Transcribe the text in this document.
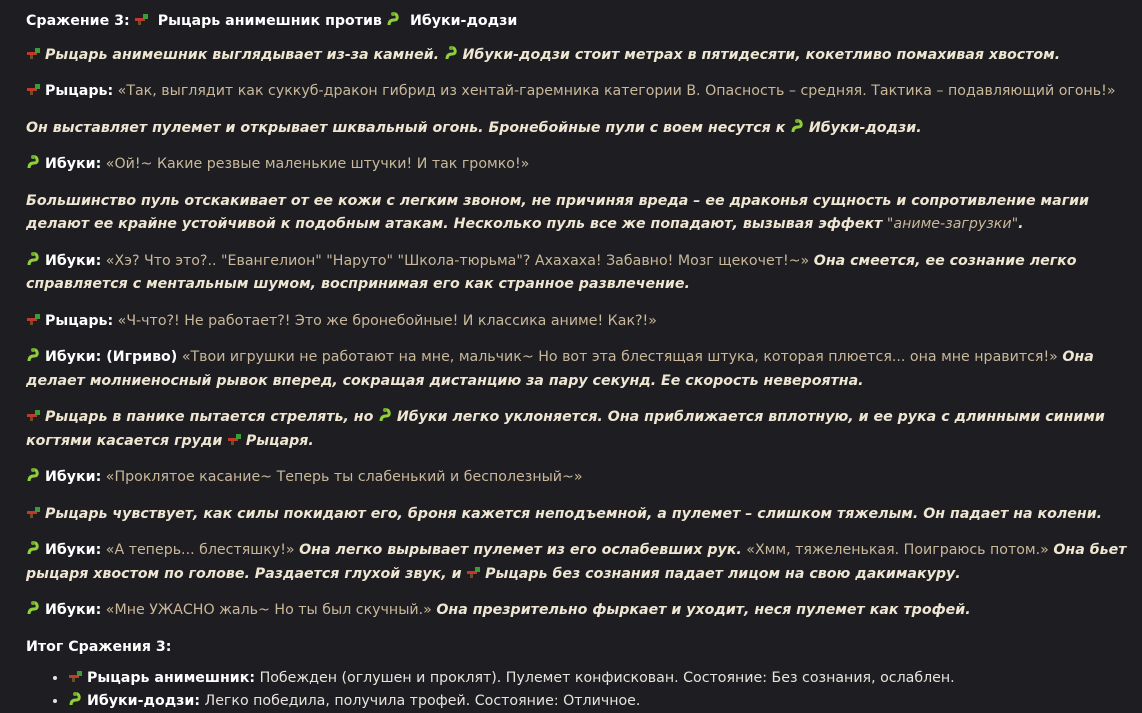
Сражение 3: Рыцарь анимешник против Ибуки-додзи

Рыцарь анимешник выглядывает из-за камней. Ибуки-додзи стоит метрах в пятидесяти, кокетливо помахивая хвостом.

Рыцарь: «Так, выглядит как суккуб-дракон гибрид из хентай-гаремника категории B. Опасность – средняя. Тактика – подавляющий огонь!»

Он выставляет пулемет и открывает шквальный огонь. Бронебойные пули с воем несутся к Ибуки-додзи.

Ибуки: «Ой!~ Какие резвые маленькие штучки! И так громко!»

Большинство пуль отскакивает от ее кожи с легким звоном, не причиняя вреда – ее драконья сущность и сопротивление магии делают ее крайне устойчивой к подобным атакам. Несколько пуль все же попадают, вызывая эффект "аниме-загрузки".

Ибуки: «Хэ? Что это?.. "Евангелион" "Наруто" "Школа-тюрьма"? Ахахаха! Забавно! Мозг щекочет!~» Она смеется, ее сознание легко справляется с ментальным шумом, воспринимая его как странное развлечение.

Рыцарь: «Ч-что?! Не работает?! Это же бронебойные! И классика аниме! Как?!»

Ибуки: (Игриво) «Твои игрушки не работают на мне, мальчик~ Но вот эта блестящая штука, которая плюется... она мне нравится!» Она делает молниеносный рывок вперед, сокращая дистанцию за пару секунд. Ее скорость невероятна.

Рыцарь в панике пытается стрелять, но Ибуки легко уклоняется. Она приближается вплотную, и ее рука с длинными синими когтями касается груди Рыцаря.

Ибуки: «Проклятое касание~ Теперь ты слабенький и бесполезный~»

Рыцарь чувствует, как силы покидают его, броня кажется неподъемной, а пулемет – слишком тяжелым. Он падает на колени.

Ибуки: «А теперь... блестяшку!» Она легко вырывает пулемет из его ослабевших рук. «Хмм, тяжеленькая. Поиграюсь потом.» Она бьет рыцаря хвостом по голове. Раздается глухой звук, и Рыцарь без сознания падает лицом на свою дакимакуру.

Ибуки: «Мне УЖАСНО жаль~ Но ты был скучный.» Она презрительно фыркает и уходит, неся пулемет как трофей.

Итог Сражения 3:

• Рыцарь анимешник: Побежден (оглушен и проклят). Пулемет конфискован. Состояние: Без сознания, ослаблен.
• Ибуки-додзи: Легко победила, получила трофей. Состояние: Отличное.
